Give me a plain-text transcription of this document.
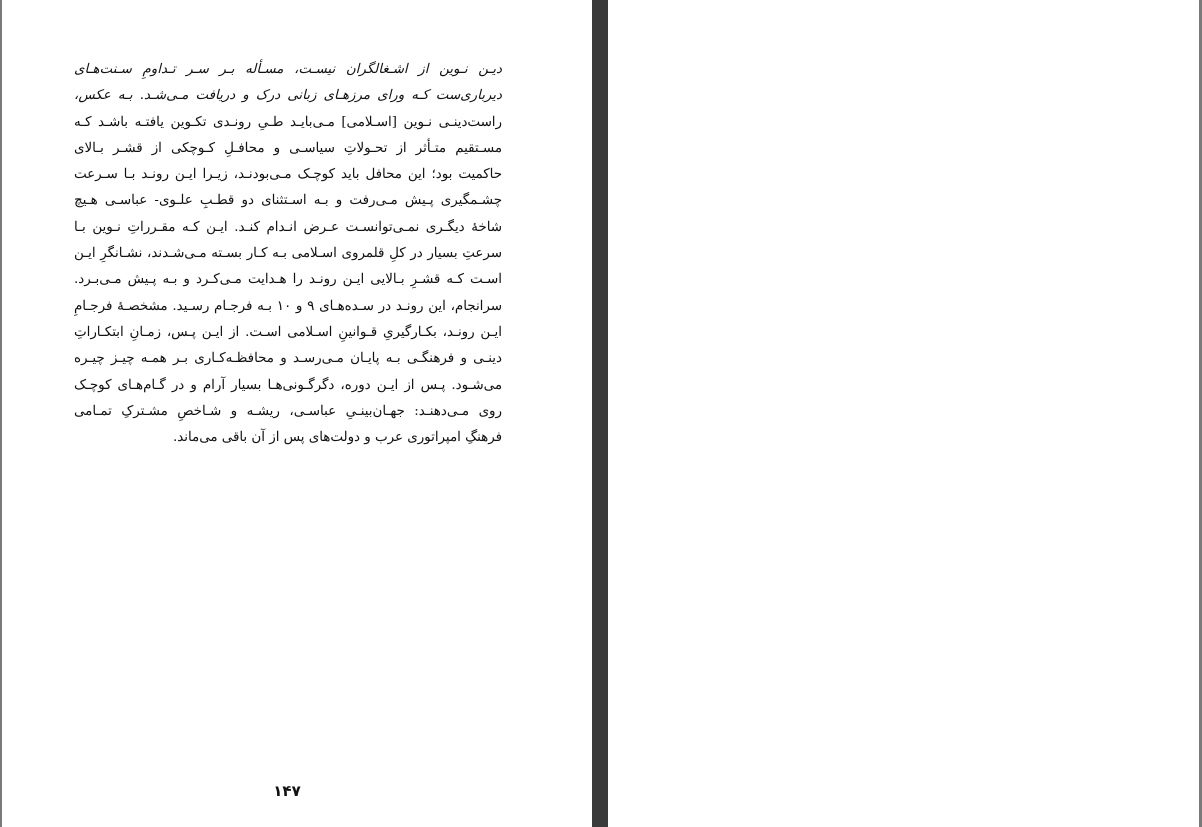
دیـن نـوین از اشـغالگران نیسـت، مسـأله بـر سـر تـداومِ سـنت‌هـای
دیرباری‌ست کـه ورای مرزهـای زبانی درک و دریافت مـی‌شـد. بـه عکس،
راست‌دینـی نـوین [اسـلامی] مـی‌بایـد طـیِ رونـدی تکـوین یافتـه باشـد کـه
مسـتقیم متـأثر از تحـولاتِ سیاسـی و محافـلِ کـوچکی از قشـر بـالای
حاکمیت بود؛ این محافل باید کوچـک مـی‌بودنـد، زیـرا ایـن رونـد بـا سـرعت
چشـمگیری پـیش مـی‌رفت و بـه اسـتثنای دو قطـبِ علـوی- عباسـی هـیچ
شاخهٔ دیگـری نمـی‌توانسـت عـرض انـدام کنـد. ایـن کـه مقـرراتِ نـوین بـا
سرعتِ بسیار در کلِ قلمروی اسـلامی بـه کـار بسـته مـی‌شـدند، نشـانگرِ ایـن
اسـت کـه قشـرِ بـالایی ایـن رونـد را هـدایت مـی‌کـرد و بـه پـیش مـی‌بـرد.
سرانجام، این رونـد در سـده‌هـای ۹ و ۱۰ بـه فرجـام رسـید. مشخصـهٔ فرجـامِ
ایـن رونـد، بکـارگیریِ قـوانینِ اسـلامی اسـت. از ایـن پـس، زمـانِ ابتکـاراتِ
دینـی و فرهنگـی بـه پایـان مـی‌رسـد و محافظـه‌کـاری بـر همـه چیـز چیـره
می‌شـود. پـس از ایـن دوره، دگرگـونی‌هـا بسیار آرام و در گـام‌هـای کوچـک
روی مـی‌دهنـد: جهـان‌بینـیِ عباسـی، ریشـه و شـاخصِ مشـترکِ تمـامی
فرهنگِ امپراتوری عرب و دولت‌های پس از آن باقی می‌ماند.
۱۴۷
